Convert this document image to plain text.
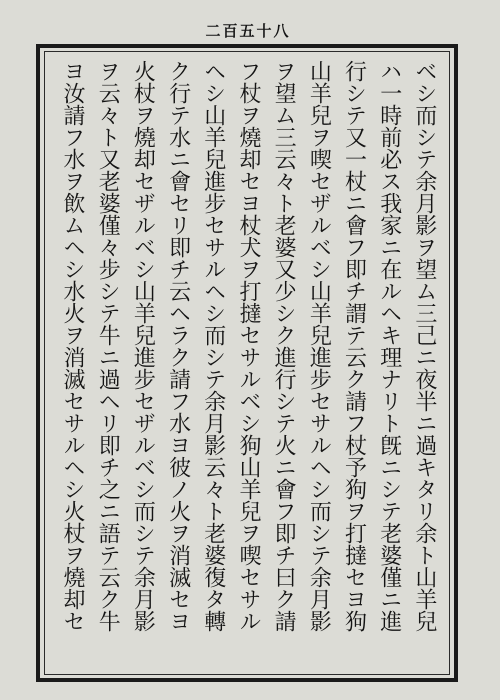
二百五十八
ベシ而シテ余月影ヲ望ム三己ニ夜半ニ過キタリ余ト山羊兒
ハ一時前必ス我家ニ在ルヘキ理ナリト旣ニシテ老婆僅ニ進
行シテ又一杖ニ會フ即チ謂テ云ク請フ杖予狗ヲ打撻セヨ狗
山羊兒ヲ喫セザルベシ山羊兒進步セサルヘシ而シテ余月影
ヲ望ム三云々ト老婆又少シク進行シテ火ニ會フ即チ曰ク請
フ杖ヲ燒却セヨ杖犬ヲ打撻セサルベシ狗山羊兒ヲ喫セサル
ヘシ山羊兒進步セサルヘシ而シテ余月影云々ト老婆復タ轉
ク行テ水ニ會セリ即チ云ヘラク請フ水ヨ彼ノ火ヲ消滅セヨ
火杖ヲ燒却セザルベシ山羊兒進步セザルベシ而シテ余月影
ヲ云々ト又老婆僅々步シテ牛ニ過ヘリ即チ之ニ語テ云ク牛
ヨ汝請フ水ヲ飲ムヘシ水火ヲ消滅セサルヘシ火杖ヲ燒却セ
